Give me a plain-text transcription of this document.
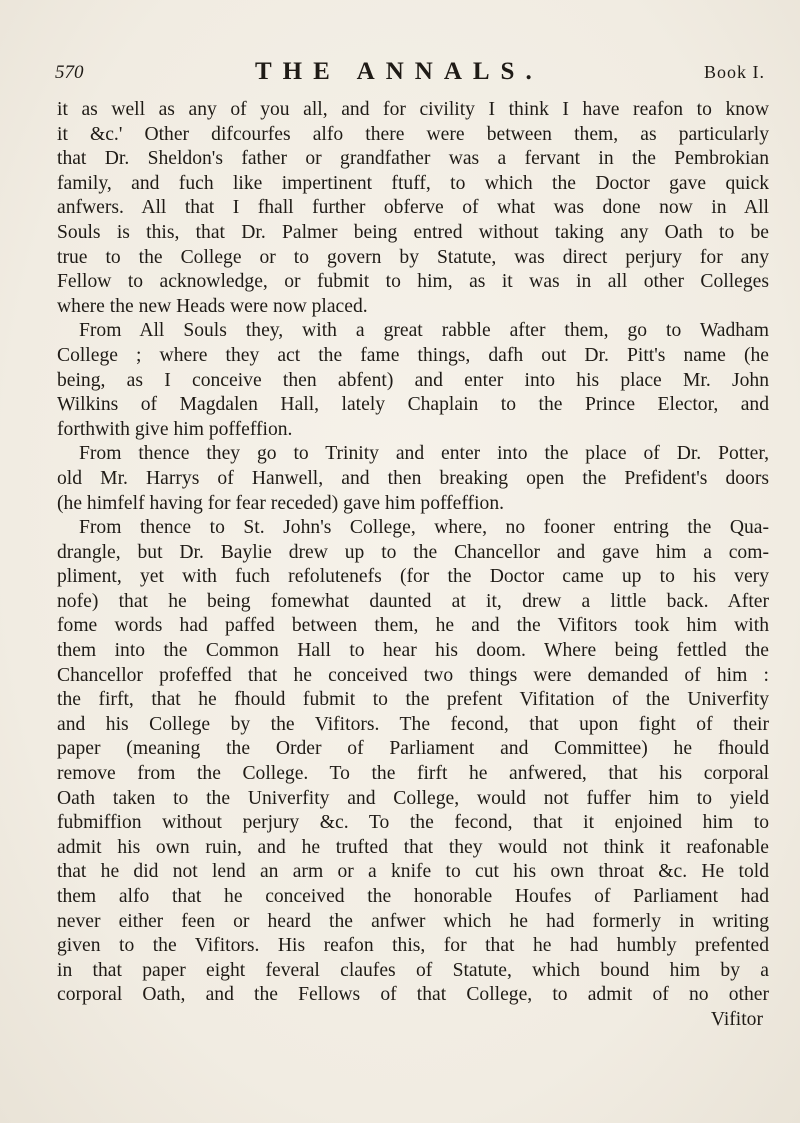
570	THE ANNALS.	Book I.
it as well as any of you all, and for civility I think I have reafon to know
it &c.' Other difcourfes alfo there were between them, as particularly
that Dr. Sheldon's father or grandfather was a fervant in the Pembrokian
family, and fuch like impertinent ftuff, to which the Doctor gave quick
anfwers. All that I fhall further obferve of what was done now in All
Souls is this, that Dr. Palmer being entred without taking any Oath to be
true to the College or to govern by Statute, was direct perjury for any
Fellow to acknowledge, or fubmit to him, as it was in all other Colleges
where the new Heads were now placed.
From All Souls they, with a great rabble after them, go to Wadham
College ; where they act the fame things, dafh out Dr. Pitt's name (he
being, as I conceive then abfent) and enter into his place Mr. John
Wilkins of Magdalen Hall, lately Chaplain to the Prince Elector, and
forthwith give him poffeffion.
From thence they go to Trinity and enter into the place of Dr. Potter,
old Mr. Harrys of Hanwell, and then breaking open the Prefident's doors
(he himfelf having for fear receded) gave him poffeffion.
From thence to St. John's College, where, no fooner entring the Qua-
drangle, but Dr. Baylie drew up to the Chancellor and gave him a com-
pliment, yet with fuch refolutenefs (for the Doctor came up to his very
nofe) that he being fomewhat daunted at it, drew a little back. After
fome words had paffed between them, he and the Vifitors took him with
them into the Common Hall to hear his doom. Where being fettled the
Chancellor profeffed that he conceived two things were demanded of him :
the firft, that he fhould fubmit to the prefent Vifitation of the Univerfity
and his College by the Vifitors. The fecond, that upon fight of their
paper (meaning the Order of Parliament and Committee) he fhould
remove from the College. To the firft he anfwered, that his corporal
Oath taken to the Univerfity and College, would not fuffer him to yield
fubmiffion without perjury &c. To the fecond, that it enjoined him to
admit his own ruin, and he trufted that they would not think it reafonable
that he did not lend an arm or a knife to cut his own throat &c. He told
them alfo that he conceived the honorable Houfes of Parliament had
never either feen or heard the anfwer which he had formerly in writing
given to the Vifitors. His reafon this, for that he had humbly prefented
in that paper eight feveral claufes of Statute, which bound him by a
corporal Oath, and the Fellows of that College, to admit of no other
Vifitor
